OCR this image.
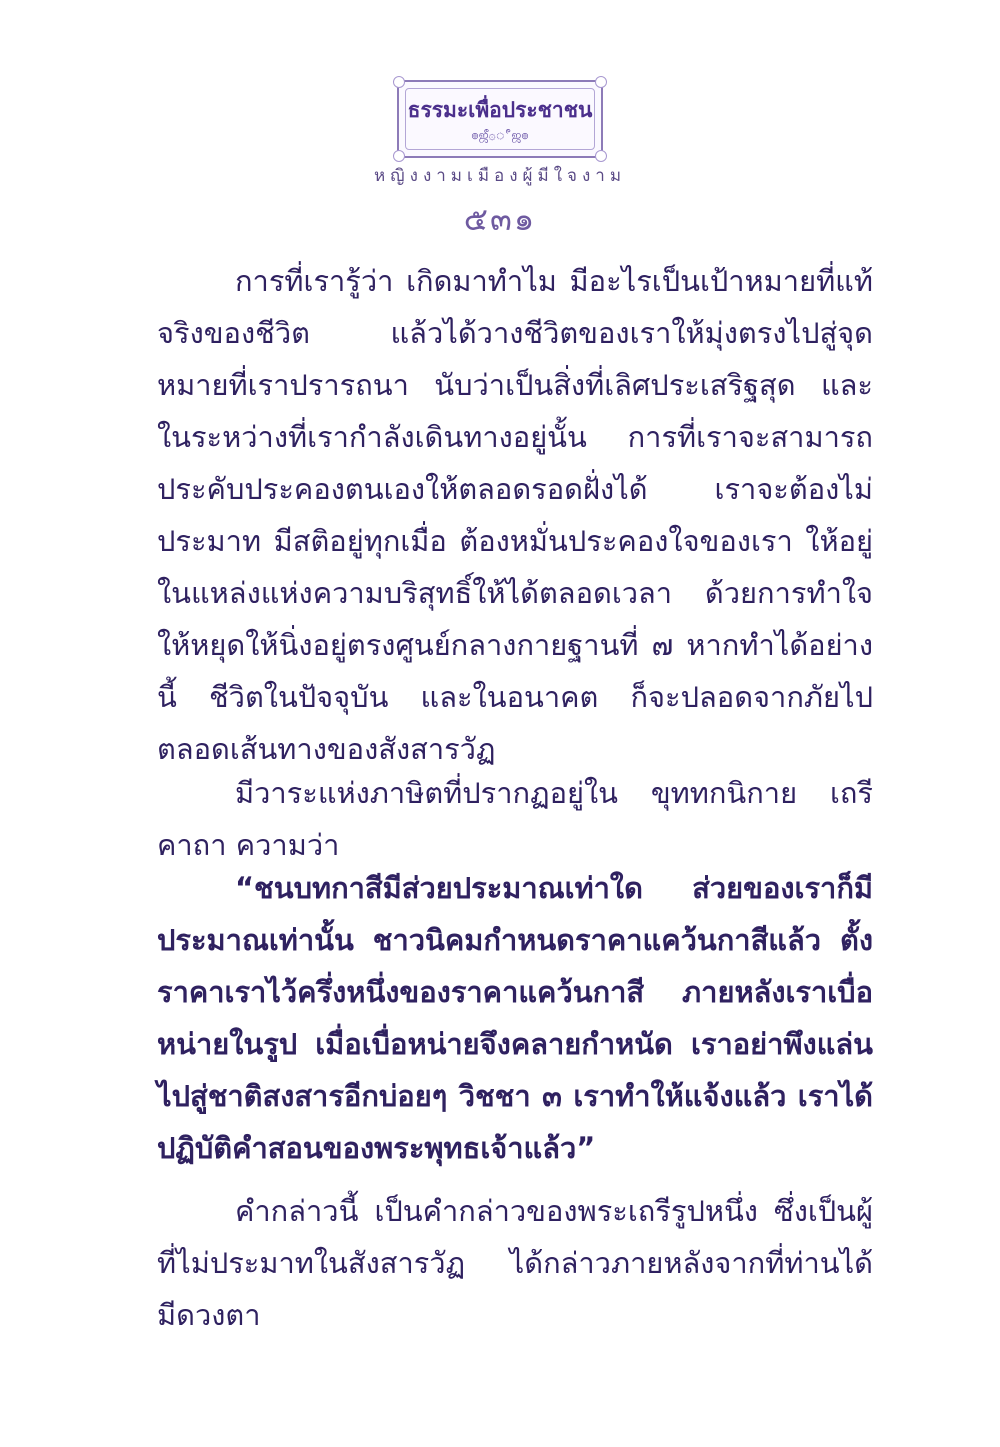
ธรรมะเพื่อประชาชน
๏ஜீ۞ீஜ๏
หญิงงามเมืองผู้มีใจงาม
๕๓๑

การที่เรารู้ว่า เกิดมาทำไม มีอะไรเป็นเป้าหมายที่แท้จริงของชีวิต แล้วได้วางชีวิตของเราให้มุ่งตรงไปสู่จุดหมายที่เราปรารถนา นับว่าเป็นสิ่งที่เลิศประเสริฐสุด และในระหว่างที่เรากำลังเดินทางอยู่นั้น การที่เราจะสามารถประคับประคองตนเองให้ตลอดรอดฝั่งได้ เราจะต้องไม่ประมาท มีสติอยู่ทุกเมื่อ ต้องหมั่นประคองใจของเรา ให้อยู่ในแหล่งแห่งความบริสุทธิ์ให้ได้ตลอดเวลา ด้วยการทำใจให้หยุดให้นิ่งอยู่ตรงศูนย์กลางกายฐานที่ ๗ หากทำได้อย่างนี้ ชีวิตในปัจจุบัน และในอนาคต ก็จะปลอดจากภัยไปตลอดเส้นทางของสังสารวัฏ

มีวาระแห่งภาษิตที่ปรากฏอยู่ใน ขุททกนิกาย เถรีคาถา ความว่า

“ชนบทกาสีมีส่วยประมาณเท่าใด ส่วยของเราก็มีประมาณเท่านั้น ชาวนิคมกำหนดราคาแคว้นกาสีแล้ว ตั้งราคาเราไว้ครึ่งหนึ่งของราคาแคว้นกาสี ภายหลังเราเบื่อหน่ายในรูป เมื่อเบื่อหน่ายจึงคลายกำหนัด เราอย่าพึงแล่นไปสู่ชาติสงสารอีกบ่อยๆ วิชชา ๓ เราทำให้แจ้งแล้ว เราได้ปฏิบัติคำสอนของพระพุทธเจ้าแล้ว”

คำกล่าวนี้ เป็นคำกล่าวของพระเถรีรูปหนึ่ง ซึ่งเป็นผู้ที่ไม่ประมาทในสังสารวัฏ ได้กล่าวภายหลังจากที่ท่านได้มีดวงตา
